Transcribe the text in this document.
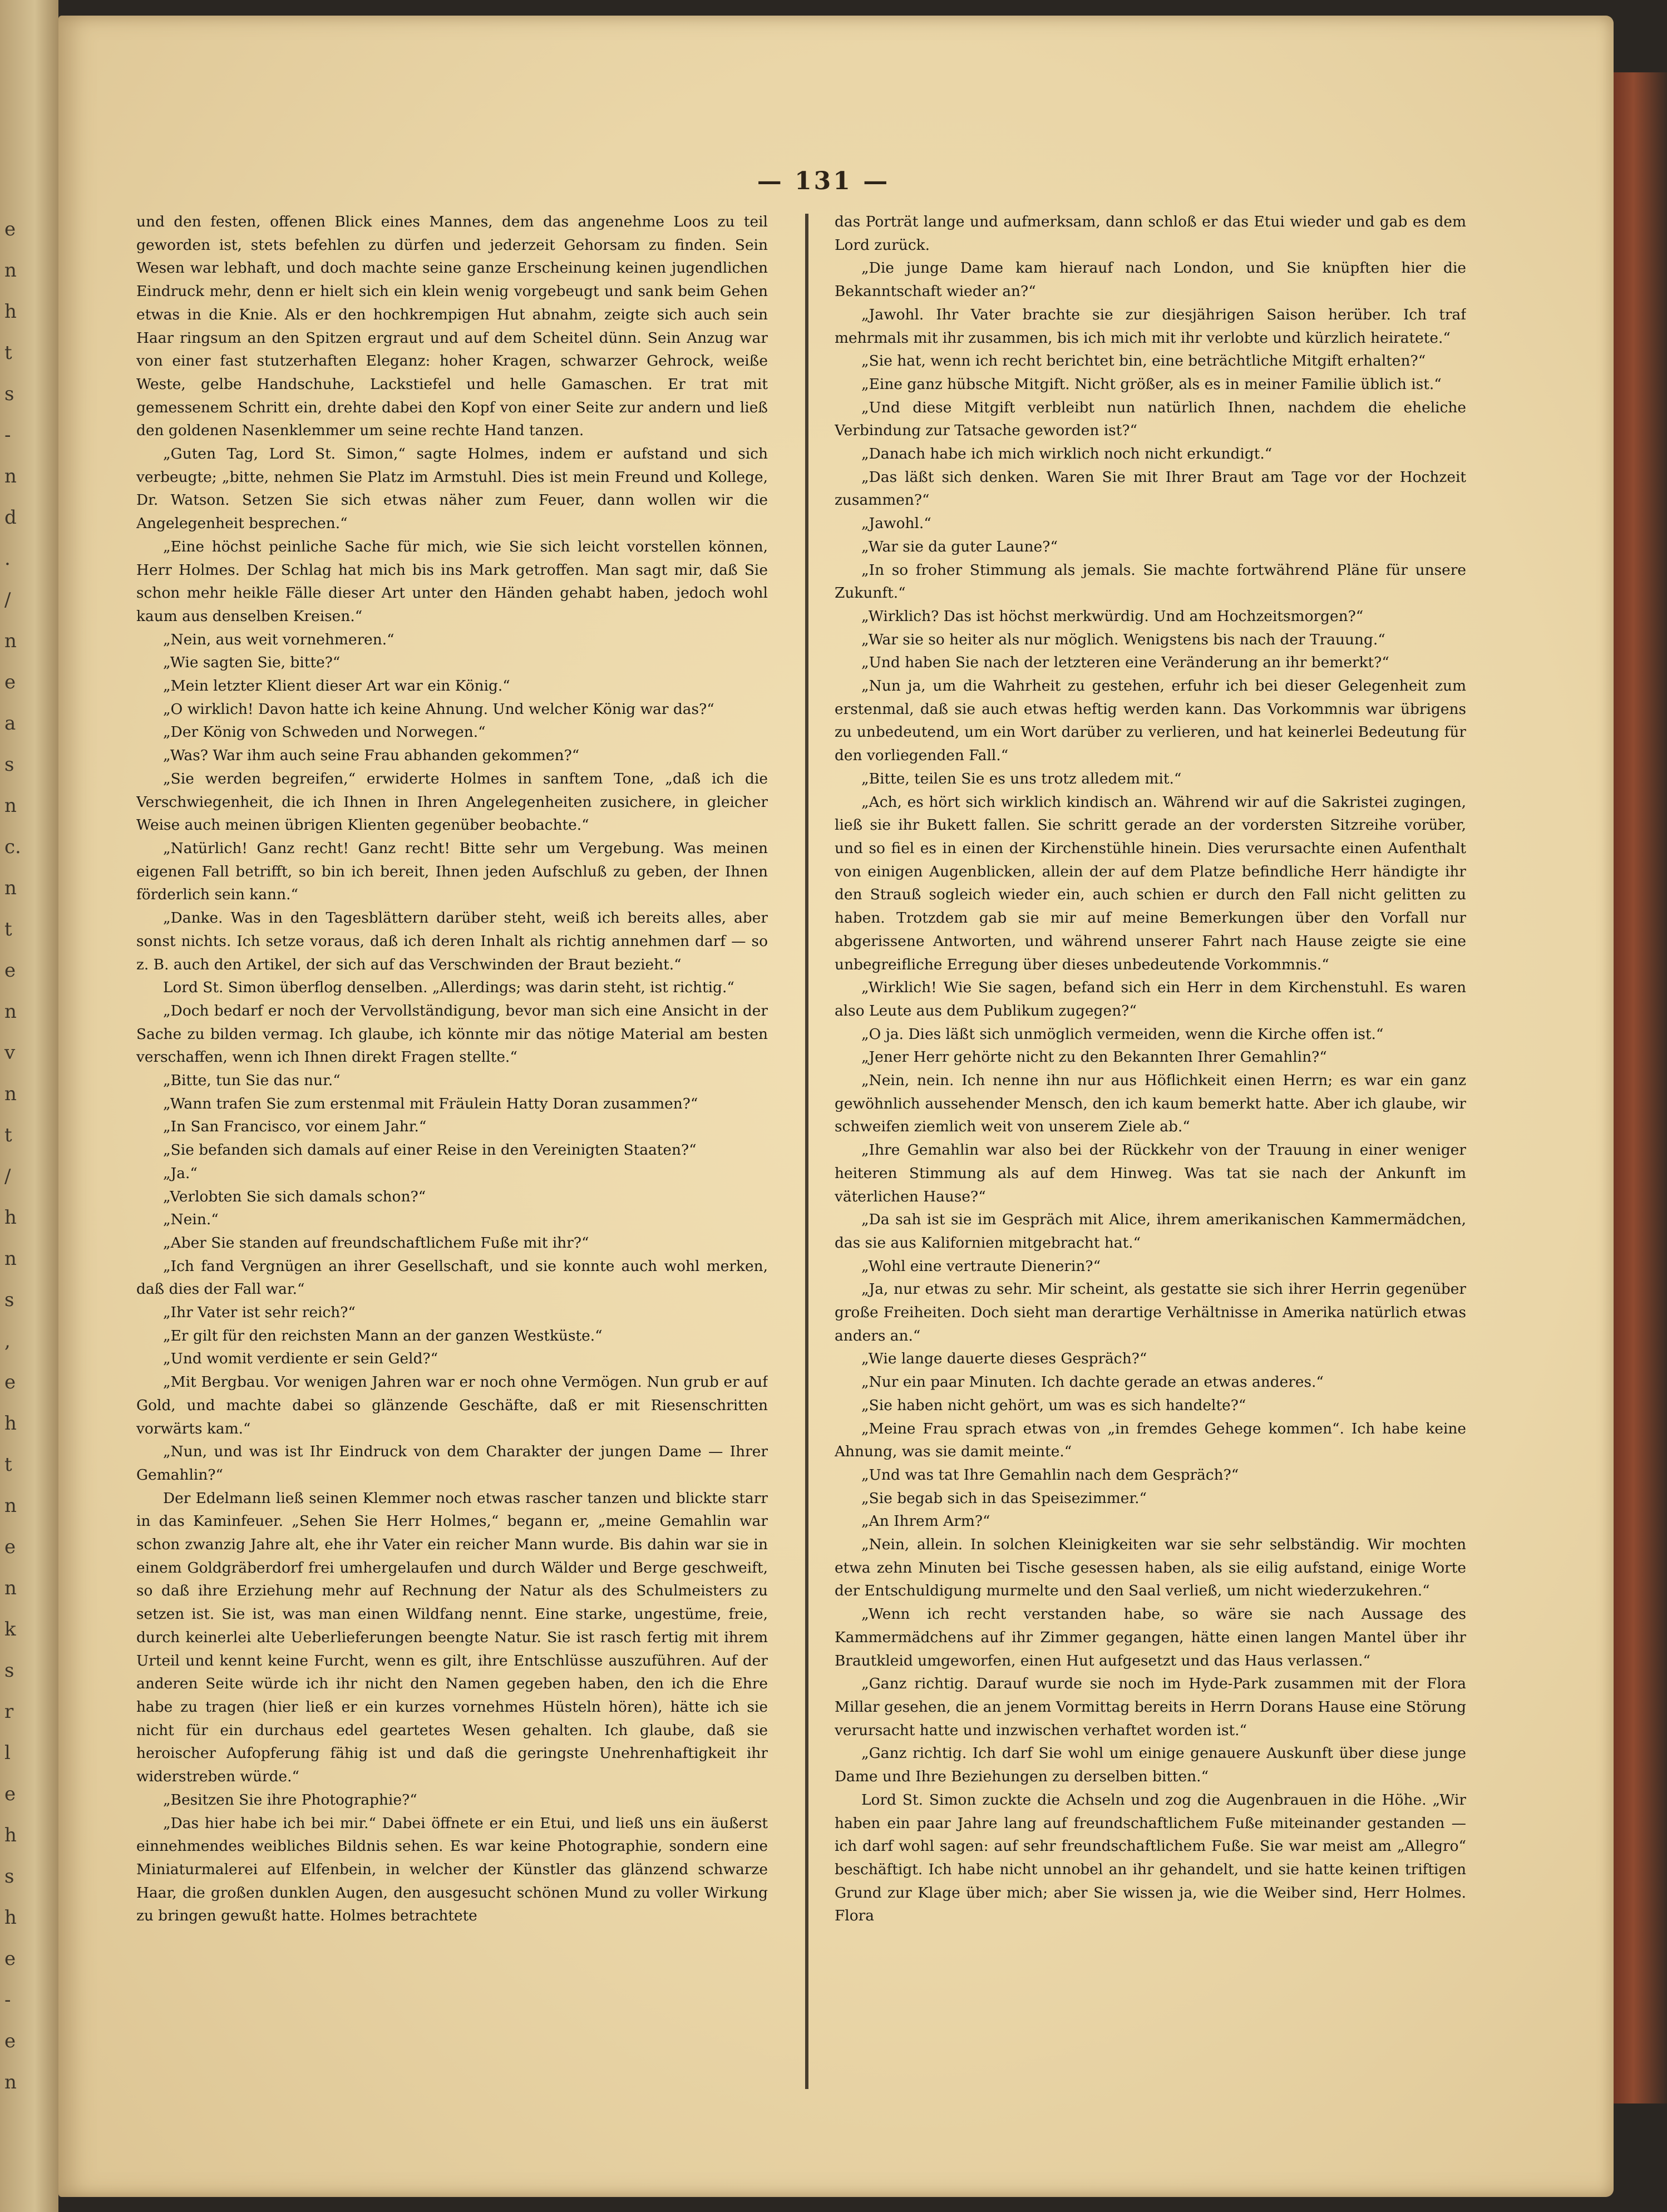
e
n
h
t
s
-
n
d
.
/
n
e
a
s
n
c.
n
t
e
n
v
n
t
/
h
n
s
,
e
h
t
n
e
n
k
s
r
l
e
h
s
h
e
-
e
n
— 131 —

und den festen, offenen Blick eines Mannes, dem das angenehme Loos zu teil geworden ist, stets befehlen zu dürfen und jederzeit Gehorsam zu finden. Sein Wesen war lebhaft, und doch machte seine ganze Erscheinung keinen jugendlichen Eindruck mehr, denn er hielt sich ein klein wenig vorgebeugt und sank beim Gehen etwas in die Knie. Als er den hochkrempigen Hut abnahm, zeigte sich auch sein Haar ringsum an den Spitzen ergraut und auf dem Scheitel dünn. Sein Anzug war von einer fast stutzerhaften Eleganz: hoher Kragen, schwarzer Gehrock, weiße Weste, gelbe Handschuhe, Lackstiefel und helle Gamaschen. Er trat mit gemessenem Schritt ein, drehte dabei den Kopf von einer Seite zur andern und ließ den goldenen Nasenklemmer um seine rechte Hand tanzen.

„Guten Tag, Lord St. Simon,“ sagte Holmes, indem er aufstand und sich verbeugte; „bitte, nehmen Sie Platz im Armstuhl. Dies ist mein Freund und Kollege, Dr. Watson. Setzen Sie sich etwas näher zum Feuer, dann wollen wir die Angelegenheit besprechen.“

„Eine höchst peinliche Sache für mich, wie Sie sich leicht vorstellen können, Herr Holmes. Der Schlag hat mich bis ins Mark getroffen. Man sagt mir, daß Sie schon mehr heikle Fälle dieser Art unter den Händen gehabt haben, jedoch wohl kaum aus denselben Kreisen.“

„Nein, aus weit vornehmeren.“

„Wie sagten Sie, bitte?“

„Mein letzter Klient dieser Art war ein König.“

„O wirklich! Davon hatte ich keine Ahnung. Und welcher König war das?“

„Der König von Schweden und Norwegen.“

„Was? War ihm auch seine Frau abhanden gekommen?“

„Sie werden begreifen,“ erwiderte Holmes in sanftem Tone, „daß ich die Verschwiegenheit, die ich Ihnen in Ihren Angelegenheiten zusichere, in gleicher Weise auch meinen übrigen Klienten gegenüber beobachte.“

„Natürlich! Ganz recht! Ganz recht! Bitte sehr um Vergebung. Was meinen eigenen Fall betrifft, so bin ich bereit, Ihnen jeden Aufschluß zu geben, der Ihnen förderlich sein kann.“

„Danke. Was in den Tagesblättern darüber steht, weiß ich bereits alles, aber sonst nichts. Ich setze voraus, daß ich deren Inhalt als richtig annehmen darf — so z. B. auch den Artikel, der sich auf das Verschwinden der Braut bezieht.“

Lord St. Simon überflog denselben. „Allerdings; was darin steht, ist richtig.“

„Doch bedarf er noch der Vervollständigung, bevor man sich eine Ansicht in der Sache zu bilden vermag. Ich glaube, ich könnte mir das nötige Material am besten verschaffen, wenn ich Ihnen direkt Fragen stellte.“

„Bitte, tun Sie das nur.“

„Wann trafen Sie zum erstenmal mit Fräulein Hatty Doran zusammen?“

„In San Francisco, vor einem Jahr.“

„Sie befanden sich damals auf einer Reise in den Vereinigten Staaten?“

„Ja.“

„Verlobten Sie sich damals schon?“

„Nein.“

„Aber Sie standen auf freundschaftlichem Fuße mit ihr?“

„Ich fand Vergnügen an ihrer Gesellschaft, und sie konnte auch wohl merken, daß dies der Fall war.“

„Ihr Vater ist sehr reich?“

„Er gilt für den reichsten Mann an der ganzen Westküste.“

„Und womit verdiente er sein Geld?“

„Mit Bergbau. Vor wenigen Jahren war er noch ohne Vermögen. Nun grub er auf Gold, und machte dabei so glänzende Geschäfte, daß er mit Riesenschritten vorwärts kam.“

„Nun, und was ist Ihr Eindruck von dem Charakter der jungen Dame — Ihrer Gemahlin?“

Der Edelmann ließ seinen Klemmer noch etwas rascher tanzen und blickte starr in das Kaminfeuer. „Sehen Sie Herr Holmes,“ begann er, „meine Gemahlin war schon zwanzig Jahre alt, ehe ihr Vater ein reicher Mann wurde. Bis dahin war sie in einem Goldgräberdorf frei umhergelaufen und durch Wälder und Berge geschweift, so daß ihre Erziehung mehr auf Rechnung der Natur als des Schulmeisters zu setzen ist. Sie ist, was man einen Wildfang nennt. Eine starke, ungestüme, freie, durch keinerlei alte Ueberlieferungen beengte Natur. Sie ist rasch fertig mit ihrem Urteil und kennt keine Furcht, wenn es gilt, ihre Entschlüsse auszuführen. Auf der anderen Seite würde ich ihr nicht den Namen gegeben haben, den ich die Ehre habe zu tragen (hier ließ er ein kurzes vornehmes Hüsteln hören), hätte ich sie nicht für ein durchaus edel geartetes Wesen gehalten. Ich glaube, daß sie heroischer Aufopferung fähig ist und daß die geringste Unehrenhaftigkeit ihr widerstreben würde.“

„Besitzen Sie ihre Photographie?“

„Das hier habe ich bei mir.“ Dabei öffnete er ein Etui, und ließ uns ein äußerst einnehmendes weibliches Bildnis sehen. Es war keine Photographie, sondern eine Miniaturmalerei auf Elfenbein, in welcher der Künstler das glänzend schwarze Haar, die großen dunklen Augen, den ausgesucht schönen Mund zu voller Wirkung zu bringen gewußt hatte. Holmes betrachtete

das Porträt lange und aufmerksam, dann schloß er das Etui wieder und gab es dem Lord zurück.

„Die junge Dame kam hierauf nach London, und Sie knüpften hier die Bekanntschaft wieder an?“

„Jawohl. Ihr Vater brachte sie zur diesjährigen Saison herüber. Ich traf mehrmals mit ihr zusammen, bis ich mich mit ihr verlobte und kürzlich heiratete.“

„Sie hat, wenn ich recht berichtet bin, eine beträchtliche Mitgift erhalten?“

„Eine ganz hübsche Mitgift. Nicht größer, als es in meiner Familie üblich ist.“

„Und diese Mitgift verbleibt nun natürlich Ihnen, nachdem die eheliche Verbindung zur Tatsache geworden ist?“

„Danach habe ich mich wirklich noch nicht erkundigt.“

„Das läßt sich denken. Waren Sie mit Ihrer Braut am Tage vor der Hochzeit zusammen?“

„Jawohl.“

„War sie da guter Laune?“

„In so froher Stimmung als jemals. Sie machte fortwährend Pläne für unsere Zukunft.“

„Wirklich? Das ist höchst merkwürdig. Und am Hochzeitsmorgen?“

„War sie so heiter als nur möglich. Wenigstens bis nach der Trauung.“

„Und haben Sie nach der letzteren eine Veränderung an ihr bemerkt?“

„Nun ja, um die Wahrheit zu gestehen, erfuhr ich bei dieser Gelegenheit zum erstenmal, daß sie auch etwas heftig werden kann. Das Vorkommnis war übrigens zu unbedeutend, um ein Wort darüber zu verlieren, und hat keinerlei Bedeutung für den vorliegenden Fall.“

„Bitte, teilen Sie es uns trotz alledem mit.“

„Ach, es hört sich wirklich kindisch an. Während wir auf die Sakristei zugingen, ließ sie ihr Bukett fallen. Sie schritt gerade an der vordersten Sitzreihe vorüber, und so fiel es in einen der Kirchenstühle hinein. Dies verursachte einen Aufenthalt von einigen Augenblicken, allein der auf dem Platze befindliche Herr händigte ihr den Strauß sogleich wieder ein, auch schien er durch den Fall nicht gelitten zu haben. Trotzdem gab sie mir auf meine Bemerkungen über den Vorfall nur abgerissene Antworten, und während unserer Fahrt nach Hause zeigte sie eine unbegreifliche Erregung über dieses unbedeutende Vorkommnis.“

„Wirklich! Wie Sie sagen, befand sich ein Herr in dem Kirchenstuhl. Es waren also Leute aus dem Publikum zugegen?“

„O ja. Dies läßt sich unmöglich vermeiden, wenn die Kirche offen ist.“

„Jener Herr gehörte nicht zu den Bekannten Ihrer Gemahlin?“

„Nein, nein. Ich nenne ihn nur aus Höflichkeit einen Herrn; es war ein ganz gewöhnlich aussehender Mensch, den ich kaum bemerkt hatte. Aber ich glaube, wir schweifen ziemlich weit von unserem Ziele ab.“

„Ihre Gemahlin war also bei der Rückkehr von der Trauung in einer weniger heiteren Stimmung als auf dem Hinweg. Was tat sie nach der Ankunft im väterlichen Hause?“

„Da sah ist sie im Gespräch mit Alice, ihrem amerikanischen Kammermädchen, das sie aus Kalifornien mitgebracht hat.“

„Wohl eine vertraute Dienerin?“

„Ja, nur etwas zu sehr. Mir scheint, als gestatte sie sich ihrer Herrin gegenüber große Freiheiten. Doch sieht man derartige Verhältnisse in Amerika natürlich etwas anders an.“

„Wie lange dauerte dieses Gespräch?“

„Nur ein paar Minuten. Ich dachte gerade an etwas anderes.“

„Sie haben nicht gehört, um was es sich handelte?“

„Meine Frau sprach etwas von „in fremdes Gehege kommen“. Ich habe keine Ahnung, was sie damit meinte.“

„Und was tat Ihre Gemahlin nach dem Gespräch?“

„Sie begab sich in das Speisezimmer.“

„An Ihrem Arm?“

„Nein, allein. In solchen Kleinigkeiten war sie sehr selbständig. Wir mochten etwa zehn Minuten bei Tische gesessen haben, als sie eilig aufstand, einige Worte der Entschuldigung murmelte und den Saal verließ, um nicht wiederzukehren.“

„Wenn ich recht verstanden habe, so wäre sie nach Aussage des Kammermädchens auf ihr Zimmer gegangen, hätte einen langen Mantel über ihr Brautkleid umgeworfen, einen Hut aufgesetzt und das Haus verlassen.“

„Ganz richtig. Darauf wurde sie noch im Hyde-Park zusammen mit der Flora Millar gesehen, die an jenem Vormittag bereits in Herrn Dorans Hause eine Störung verursacht hatte und inzwischen verhaftet worden ist.“

„Ganz richtig. Ich darf Sie wohl um einige genauere Auskunft über diese junge Dame und Ihre Beziehungen zu derselben bitten.“

Lord St. Simon zuckte die Achseln und zog die Augenbrauen in die Höhe. „Wir haben ein paar Jahre lang auf freundschaftlichem Fuße miteinander gestanden — ich darf wohl sagen: auf sehr freundschaftlichem Fuße. Sie war meist am „Allegro“ beschäftigt. Ich habe nicht unnobel an ihr gehandelt, und sie hatte keinen triftigen Grund zur Klage über mich; aber Sie wissen ja, wie die Weiber sind, Herr Holmes. Flora
